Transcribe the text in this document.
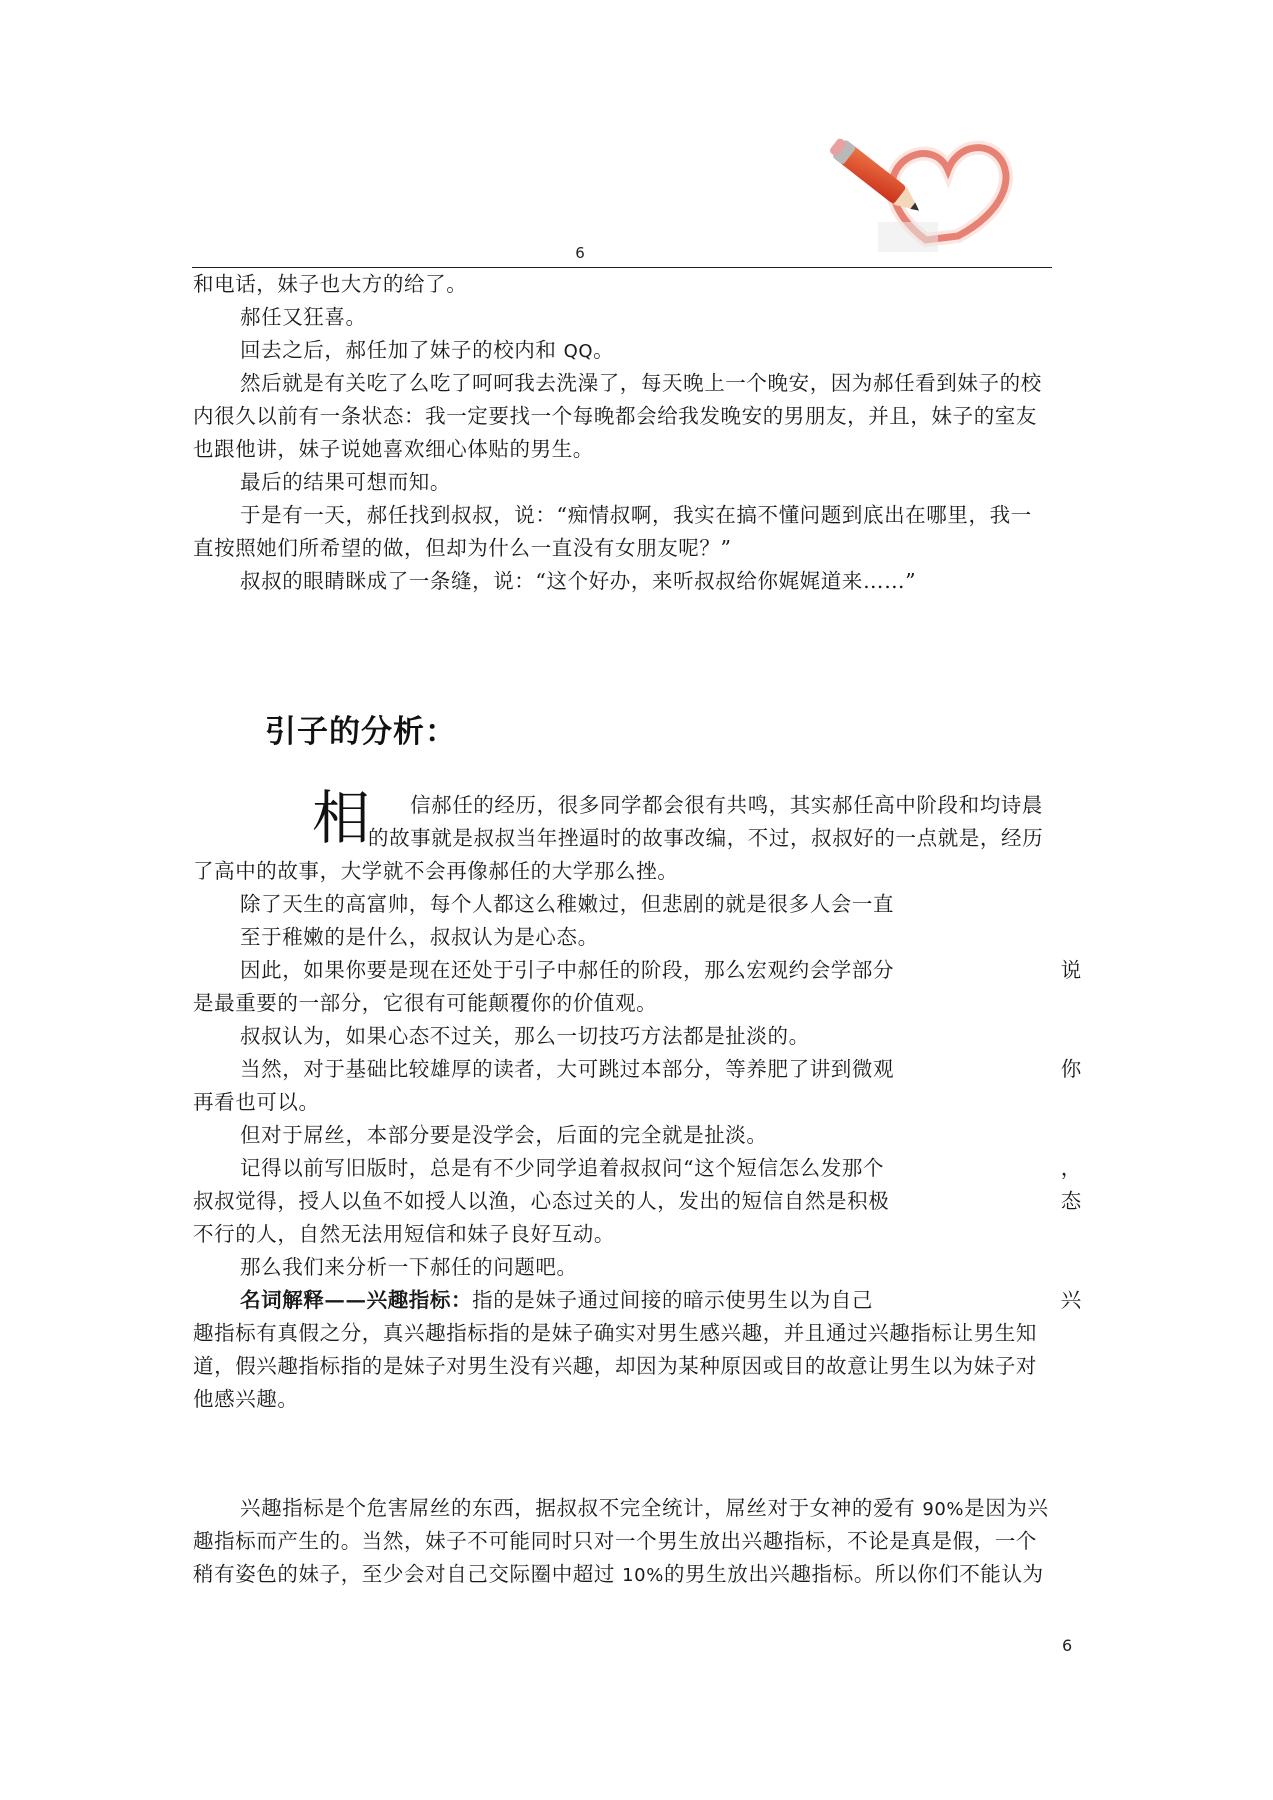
6
和电话，妹子也大方的给了。
郝任又狂喜。
回去之后，郝任加了妹子的校内和 QQ。
然后就是有关吃了么吃了呵呵我去洗澡了，每天晚上一个晚安，因为郝任看到妹子的校
内很久以前有一条状态：我一定要找一个每晚都会给我发晚安的男朋友，并且，妹子的室友
也跟他讲，妹子说她喜欢细心体贴的男生。
最后的结果可想而知。
于是有一天，郝任找到叔叔，说：“痴情叔啊，我实在搞不懂问题到底出在哪里，我一
直按照她们所希望的做，但却为什么一直没有女朋友呢？”
叔叔的眼睛眯成了一条缝，说：“这个好办，来听叔叔给你娓娓道来……”
引子的分析：
相 信郝任的经历，很多同学都会很有共鸣，其实郝任高中阶段和均诗晨
的故事就是叔叔当年挫逼时的故事改编，不过，叔叔好的一点就是，经历
了高中的故事，大学就不会再像郝任的大学那么挫。
除了天生的高富帅，每个人都这么稚嫩过，但悲剧的就是很多人会一直
至于稚嫩的是什么，叔叔认为是心态。
因此，如果你要是现在还处于引子中郝任的阶段，那么宏观约会学部分	说
是最重要的一部分，它很有可能颠覆你的价值观。
叔叔认为，如果心态不过关，那么一切技巧方法都是扯淡的。
当然，对于基础比较雄厚的读者，大可跳过本部分，等养肥了讲到微观	你
再看也可以。
但对于屌丝，本部分要是没学会，后面的完全就是扯淡。
记得以前写旧版时，总是有不少同学追着叔叔问“这个短信怎么发那个	，
叔叔觉得，授人以鱼不如授人以渔，心态过关的人，发出的短信自然是积极	态
不行的人，自然无法用短信和妹子良好互动。
那么我们来分析一下郝任的问题吧。
名词解释——兴趣指标：指的是妹子通过间接的暗示使男生以为自己	兴
趣指标有真假之分，真兴趣指标指的是妹子确实对男生感兴趣，并且通过兴趣指标让男生知
道，假兴趣指标指的是妹子对男生没有兴趣，却因为某种原因或目的故意让男生以为妹子对
他感兴趣。
兴趣指标是个危害屌丝的东西，据叔叔不完全统计，屌丝对于女神的爱有 90%是因为兴
趣指标而产生的。当然，妹子不可能同时只对一个男生放出兴趣指标，不论是真是假，一个
稍有姿色的妹子，至少会对自己交际圈中超过 10%的男生放出兴趣指标。所以你们不能认为
6
